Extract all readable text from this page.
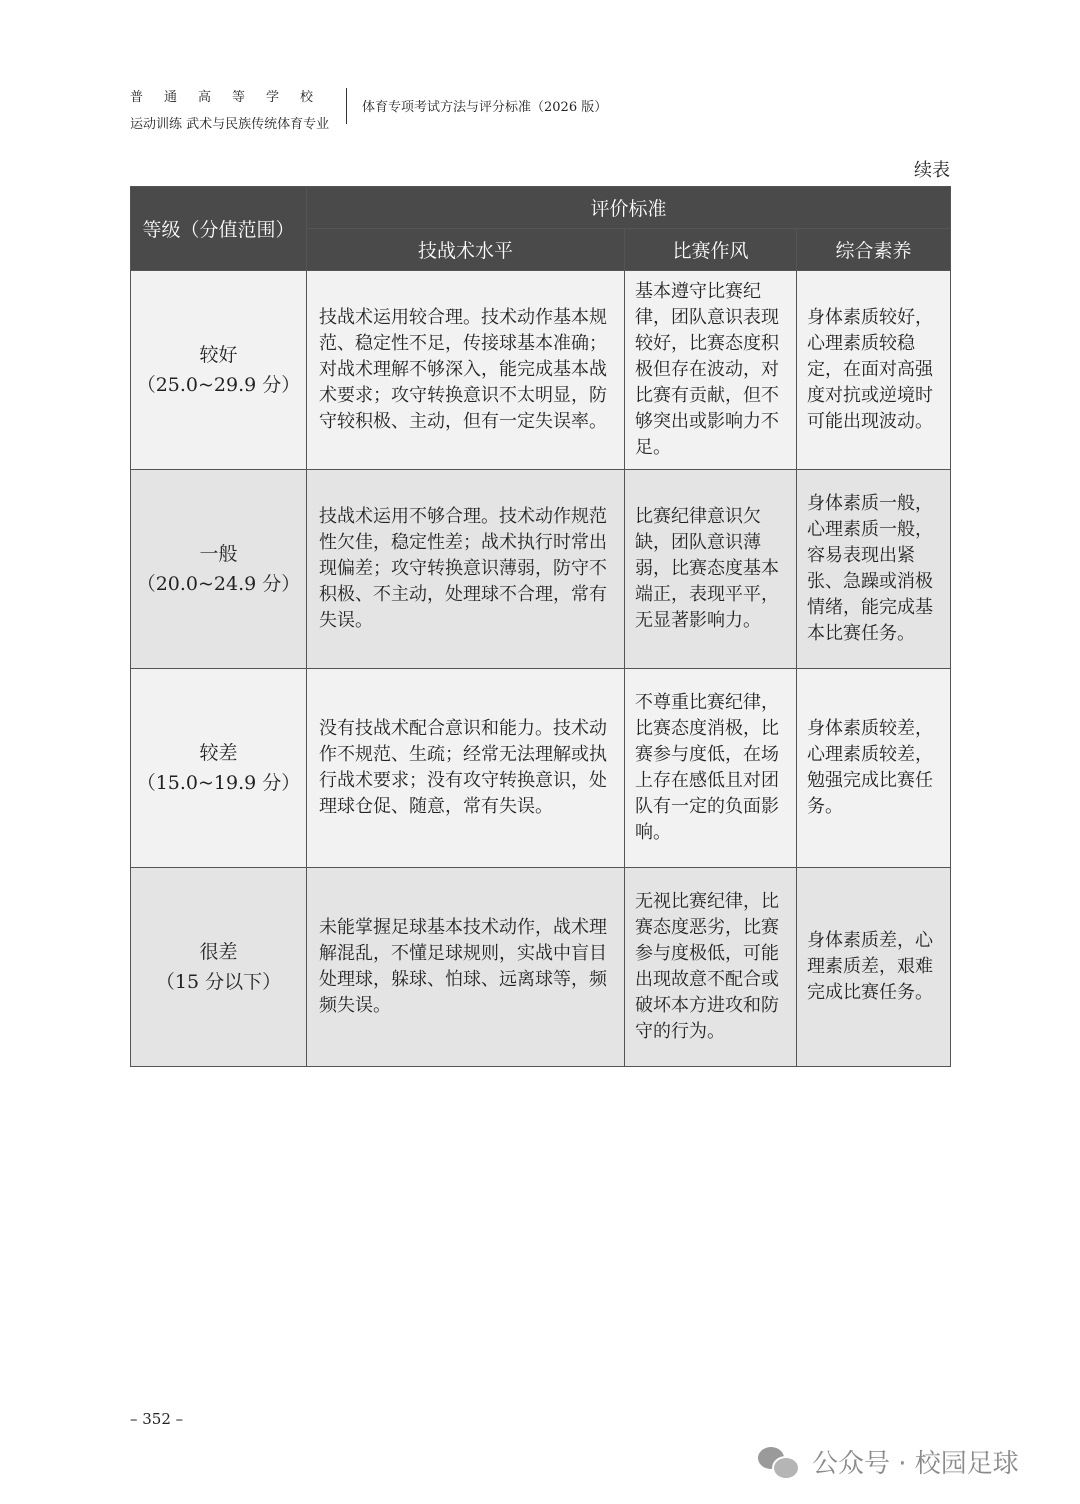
普通高等学校
运动训练 武术与民族传统体育专业
体育专项考试方法与评分标准（2026 版）
续表
等级（分值范围）	评价标准		
	技战术水平	比赛作风	综合素养

较好
（25.0~29.9 分）	技战术运用较合理。技术动作基本规范、稳定性不足，传接球基本准确；对战术理解不够深入，能完成基本战术要求；攻守转换意识不太明显，防守较积极、主动，但有一定失误率。	基本遵守比赛纪律，团队意识表现较好，比赛态度积极但存在波动，对比赛有贡献，但不够突出或影响力不足。	身体素质较好，心理素质较稳定，在面对高强度对抗或逆境时可能出现波动。

一般
（20.0~24.9 分）	技战术运用不够合理。技术动作规范性欠佳，稳定性差；战术执行时常出现偏差；攻守转换意识薄弱，防守不积极、不主动，处理球不合理，常有失误。	比赛纪律意识欠缺，团队意识薄弱，比赛态度基本端正，表现平平，无显著影响力。	身体素质一般，心理素质一般，容易表现出紧张、急躁或消极情绪，能完成基本比赛任务。

较差
（15.0~19.9 分）	没有技战术配合意识和能力。技术动作不规范、生疏；经常无法理解或执行战术要求；没有攻守转换意识，处理球仓促、随意，常有失误。	不尊重比赛纪律，比赛态度消极，比赛参与度低，在场上存在感低且对团队有一定的负面影响。	身体素质较差，心理素质较差，勉强完成比赛任务。

很差
（15 分以下）	未能掌握足球基本技术动作，战术理解混乱，不懂足球规则，实战中盲目处理球，躲球、怕球、远离球等，频频失误。	无视比赛纪律，比赛态度恶劣，比赛参与度极低，可能出现故意不配合或破坏本方进攻和防守的行为。	身体素质差，心理素质差，艰难完成比赛任务。
– 352 –
公众号 · 校园足球
